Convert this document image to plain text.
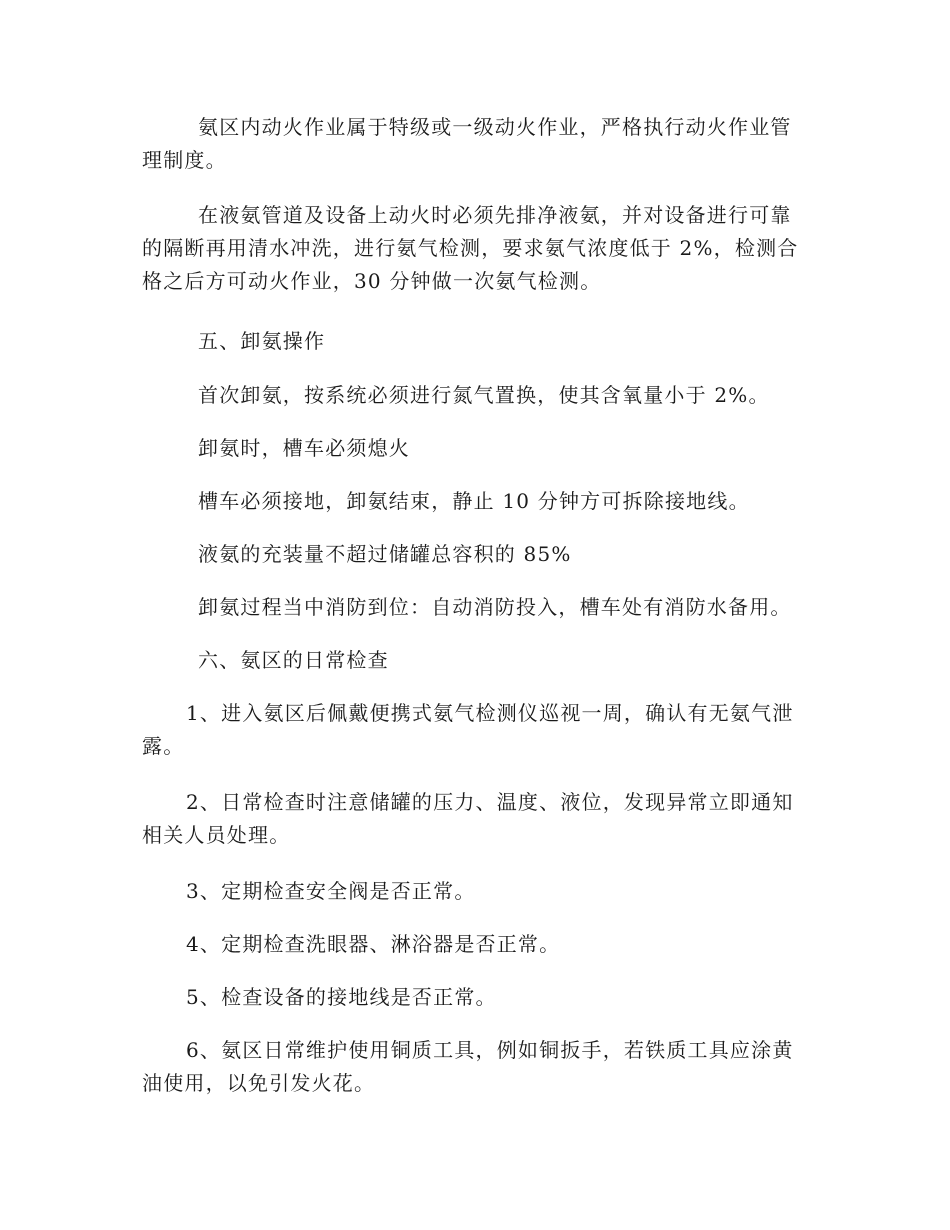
氨区内动火作业属于特级或一级动火作业，严格执行动火作业管
理制度。
在液氨管道及设备上动火时必须先排净液氨，并对设备进行可靠
的隔断再用清水冲洗，进行氨气检测，要求氨气浓度低于 2%，检测合
格之后方可动火作业，30 分钟做一次氨气检测。
五、卸氨操作
首次卸氨，按系统必须进行氮气置换，使其含氧量小于 2%。
卸氨时，槽车必须熄火
槽车必须接地，卸氨结束，静止 10 分钟方可拆除接地线。
液氨的充装量不超过储罐总容积的 85%
卸氨过程当中消防到位：自动消防投入，槽车处有消防水备用。
六、氨区的日常检查
1、进入氨区后佩戴便携式氨气检测仪巡视一周，确认有无氨气泄
露。
2、日常检查时注意储罐的压力、温度、液位，发现异常立即通知
相关人员处理。
3、定期检查安全阀是否正常。
4、定期检查洗眼器、淋浴器是否正常。
5、检查设备的接地线是否正常。
6、氨区日常维护使用铜质工具，例如铜扳手，若铁质工具应涂黄
油使用，以免引发火花。
